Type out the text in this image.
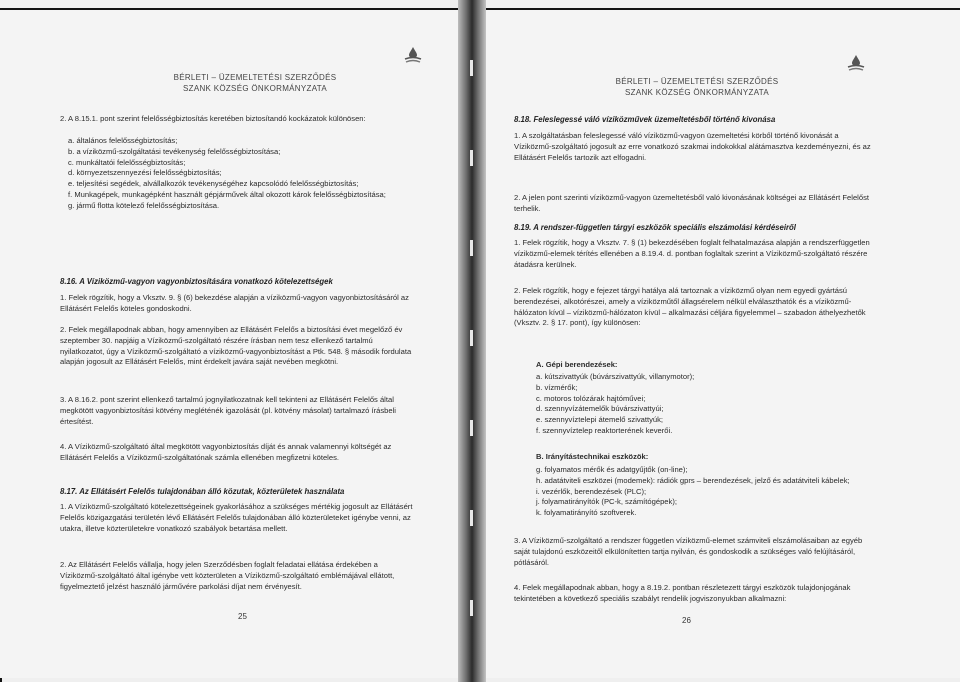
BÉRLETI – ÜZEMELTETÉSI SZERZŐDÉS
SZANK KÖZSÉG ÖNKORMÁNYZATA

2. A 8.15.1. pont szerint felelősségbiztosítás keretében biztosítandó kockázatok különösen:

a. általános felelősségbiztosítás;
b. a víziközmű-szolgáltatási tevékenység felelősségbiztosítása;
c. munkáltatói felelősségbiztosítás;
d. környezetszennyezési felelősségbiztosítás;
e. teljesítési segédek, alvállalkozók tevékenységéhez kapcsolódó felelősségbiztosítás;
f. Munkagépek, munkagépként használt gépjárművek által okozott károk felelősségbiztosítása;
g. jármű flotta kötelező felelősségbiztosítása.

8.16. A Víziközmű-vagyon vagyonbiztosítására vonatkozó kötelezettségek

1. Felek rögzítik, hogy a Vksztv. 9. § (6) bekezdése alapján a víziközmű-vagyon vagyonbiztosításáról az Ellátásért Felelős köteles gondoskodni.

2. Felek megállapodnak abban, hogy amennyiben az Ellátásért Felelős a biztosítási évet megelőző év szeptember 30. napjáig a Víziközmű-szolgáltató részére írásban nem tesz ellenkező tartalmú nyilatkozatot, úgy a Víziközmű-szolgáltató a víziközmű-vagyonbiztosítást a Ptk. 548. § második fordulata alapján jogosult az Ellátásért Felelős, mint érdekelt javára saját nevében megkötni.

3. A 8.16.2. pont szerint ellenkező tartalmú jognyilatkozatnak kell tekinteni az Ellátásért Felelős által megkötött vagyonbiztosítási kötvény megléténék igazolását (pl. kötvény másolat) tartalmazó írásbeli értesítést.

4. A Víziközmű-szolgáltató által megkötött vagyonbiztosítás díját és annak valamennyi költségét az Ellátásért Felelős a Víziközmű-szolgáltatónak számla ellenében megfizetni köteles.

8.17. Az Ellátásért Felelős tulajdonában álló közutak, közterületek használata

1. A Víziközmű-szolgáltató kötelezettségeinek gyakorlásához a szükséges mértékig jogosult az Ellátásért Felelős közigazgatási területén lévő Ellátásért Felelős tulajdonában álló közterületeket igénybe venni, az utakra, illetve közterületekre vonatkozó szabályok betartása mellett.

2. Az Ellátásért Felelős vállalja, hogy jelen Szerződésben foglalt feladatai ellátása érdekében a Víziközmű-szolgáltató által igénybe vett közterületen a Víziközmű-szolgáltató emblémájával ellátott, figyelmeztető jelzést használó járművére parkolási díjat nem érvényesít.

25
BÉRLETI – ÜZEMELTETÉSI SZERZŐDÉS
SZANK KÖZSÉG ÖNKORMÁNYZATA

8.18. Feleslegessé váló víziközművek üzemeltetésből történő kivonása

1. A szolgáltatásban feleslegessé váló víziközmű-vagyon üzemeltetési körből történő kivonását a Víziközmű-szolgáltató jogosult az erre vonatkozó szakmai indokokkal alátámasztva kezdeményezni, és az Ellátásért Felelős tartozik azt elfogadni.

2. A jelen pont szerinti víziközmű-vagyon üzemeltetésből való kivonásának költségei az Ellátásért Felelőst terhelik.

8.19. A rendszer-független tárgyi eszközök speciális elszámolási kérdéseiről

1. Felek rögzítik, hogy a Vksztv. 7. § (1) bekezdésében foglalt felhatalmazása alapján a rendszerfüggetlen víziközmű-elemek térítés ellenében a 8.19.4. d. pontban foglaltak szerint a Víziközmű-szolgáltató részére átadásra kerülnek.

2. Felek rögzítik, hogy e fejezet tárgyi hatálya alá tartoznak a víziközmű olyan nem egyedi gyártású berendezései, alkotórészei, amely a víziközműtől állagsérelem nélkül elválaszthatók és a víziközmű-hálózaton kívül – víziközmű-hálózaton kívül – alkalmazási céljára figyelemmel – szabadon áthelyezhetők (Vksztv. 2. § 17. pont), így különösen:

A. Gépi berendezések:
a. kútszivattyúk (búvárszivattyúk, villanymotor);
b. vízmérők;
c. motoros tolózárak hajtóművei;
d. szennyvízátemelők búvárszivattyúi;
e. szennyvíztelepi átemelő szivattyúk;
f. szennyvíztelep reaktorterének keverői.
B. Irányítástechnikai eszközök:
g. folyamatos mérők és adatgyűjtők (on-line);
h. adatátviteli eszközei (modemek): rádiók gprs – berendezések, jelző és adatátviteli kábelek;
i. vezérlők, berendezések (PLC);
j. folyamatirányítók (PC-k, számítógépek);
k. folyamatirányító szoftverek.

3. A Víziközmű-szolgáltató a rendszer független víziközmű-elemet számviteli elszámolásaiban az egyéb saját tulajdonú eszközeitől elkülönítetten tartja nyilván, és gondoskodik a szükséges való felújításáról, pótlásáról.

4. Felek megállapodnak abban, hogy a 8.19.2. pontban részletezett tárgyi eszközök tulajdonjogának tekintetében a következő speciális szabályt rendelik jogviszonyukban alkalmazni:

26
